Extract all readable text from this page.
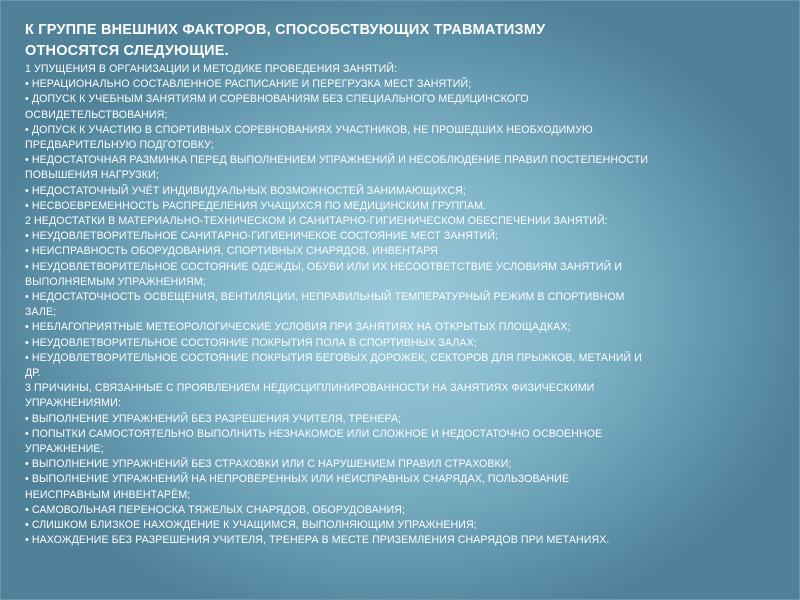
К ГРУППЕ ВНЕШНИХ ФАКТОРОВ, СПОСОБСТВУЮЩИХ ТРАВМАТИЗМУ
ОТНОСЯТСЯ СЛЕДУЮЩИЕ.
1 УПУЩЕНИЯ В ОРГАНИЗАЦИИ И МЕТОДИКЕ ПРОВЕДЕНИЯ ЗАНЯТИЙ:
• НЕРАЦИОНАЛЬНО СОСТАВЛЕННОЕ РАСПИСАНИЕ И ПЕРЕГРУЗКА МЕСТ ЗАНЯТИЙ;
• ДОПУСК К УЧЕБНЫМ ЗАНЯТИЯМ И СОРЕВНОВАНИЯМ БЕЗ СПЕЦИАЛЬНОГО МЕДИЦИНСКОГО
ОСВИДЕТЕЛЬСТВОВАНИЯ;
• ДОПУСК К УЧАСТИЮ В СПОРТИВНЫХ СОРЕВНОВАНИЯХ УЧАСТНИКОВ, НЕ ПРОШЕДШИХ НЕОБХОДИМУЮ
ПРЕДВАРИТЕЛЬНУЮ ПОДГОТОВКУ;
• НЕДОСТАТОЧНАЯ РАЗМИНКА ПЕРЕД ВЫПОЛНЕНИЕМ УПРАЖНЕНИЙ И НЕСОБЛЮДЕНИЕ ПРАВИЛ ПОСТЕПЕННОСТИ
ПОВЫШЕНИЯ НАГРУЗКИ;
• НЕДОСТАТОЧНЫЙ УЧЁТ ИНДИВИДУАЛЬНЫХ ВОЗМОЖНОСТЕЙ ЗАНИМАЮЩИХСЯ;
• НЕСВОЕВРЕМЕННОСТЬ РАСПРЕДЕЛЕНИЯ УЧАЩИХСЯ ПО МЕДИЦИНСКИМ ГРУППАМ.
2 НЕДОСТАТКИ В МАТЕРИАЛЬНО-ТЕХНИЧЕСКОМ И САНИТАРНО-ГИГИЕНИЧЕСКОМ ОБЕСПЕЧЕНИИ ЗАНЯТИЙ:
• НЕУДОВЛЕТВОРИТЕЛЬНОЕ САНИТАРНО-ГИГИЕНИЧЕКОЕ СОСТОЯНИЕ МЕСТ ЗАНЯТИЙ;
• НЕИСПРАВНОСТЬ ОБОРУДОВАНИЯ, СПОРТИВНЫХ СНАРЯДОВ, ИНВЕНТАРЯ
• НЕУДОВЛЕТВОРИТЕЛЬНОЕ СОСТОЯНИЕ ОДЕЖДЫ, ОБУВИ ИЛИ ИХ НЕСООТВЕТСТВИЕ УСЛОВИЯМ ЗАНЯТИЙ И
ВЫПОЛНЯЕМЫМ УПРАЖНЕНИЯМ;
• НЕДОСТАТОЧНОСТЬ ОСВЕЩЕНИЯ, ВЕНТИЛЯЦИИ, НЕПРАВИЛЬНЫЙ ТЕМПЕРАТУРНЫЙ РЕЖИМ В СПОРТИВНОМ
ЗАЛЕ;
• НЕБЛАГОПРИЯТНЫЕ МЕТЕОРОЛОГИЧЕСКИЕ УСЛОВИЯ ПРИ ЗАНЯТИЯХ НА ОТКРЫТЫХ ПЛОЩАДКАХ;
• НЕУДОВЛЕТВОРИТЕЛЬНОЕ СОСТОЯНИЕ ПОКРЫТИЯ ПОЛА В СПОРТИВНЫХ ЗАЛАХ;
• НЕУДОВЛЕТВОРИТЕЛЬНОЕ СОСТОЯНИЕ ПОКРЫТИЯ БЕГОВЫХ ДОРОЖЕК, СЕКТОРОВ ДЛЯ ПРЫЖКОВ, МЕТАНИЙ И
ДР.
3 ПРИЧИНЫ, СВЯЗАННЫЕ С ПРОЯВЛЕНИЕМ НЕДИСЦИПЛИНИРОВАННОСТИ НА ЗАНЯТИЯХ ФИЗИЧЕСКИМИ
УПРАЖНЕНИЯМИ:
• ВЫПОЛНЕНИЕ УПРАЖНЕНИЙ БЕЗ РАЗРЕШЕНИЯ УЧИТЕЛЯ, ТРЕНЕРА;
• ПОПЫТКИ САМОСТОЯТЕЛЬНО ВЫПОЛНИТЬ НЕЗНАКОМОЕ ИЛИ СЛОЖНОЕ И НЕДОСТАТОЧНО ОСВОЕННОЕ
УПРАЖНЕНИЕ;
• ВЫПОЛНЕНИЕ УПРАЖНЕНИЙ БЕЗ СТРАХОВКИ ИЛИ С НАРУШЕНИЕМ ПРАВИЛ СТРАХОВКИ;
• ВЫПОЛНЕНИЕ УПРАЖНЕНИЙ НА НЕПРОВЕРЕННЫХ ИЛИ НЕИСПРАВНЫХ СНАРЯДАХ, ПОЛЬЗОВАНИЕ
НЕИСПРАВНЫМ ИНВЕНТАРЁМ;
• САМОВОЛЬНАЯ ПЕРЕНОСКА ТЯЖЕЛЫХ СНАРЯДОВ, ОБОРУДОВАНИЯ;
• СЛИШКОМ БЛИЗКОЕ НАХОЖДЕНИЕ К УЧАЩИМСЯ, ВЫПОЛНЯЮЩИМ УПРАЖНЕНИЯ;
• НАХОЖДЕНИЕ БЕЗ РАЗРЕШЕНИЯ УЧИТЕЛЯ, ТРЕНЕРА В МЕСТЕ ПРИЗЕМЛЕНИЯ СНАРЯДОВ ПРИ МЕТАНИЯХ.
